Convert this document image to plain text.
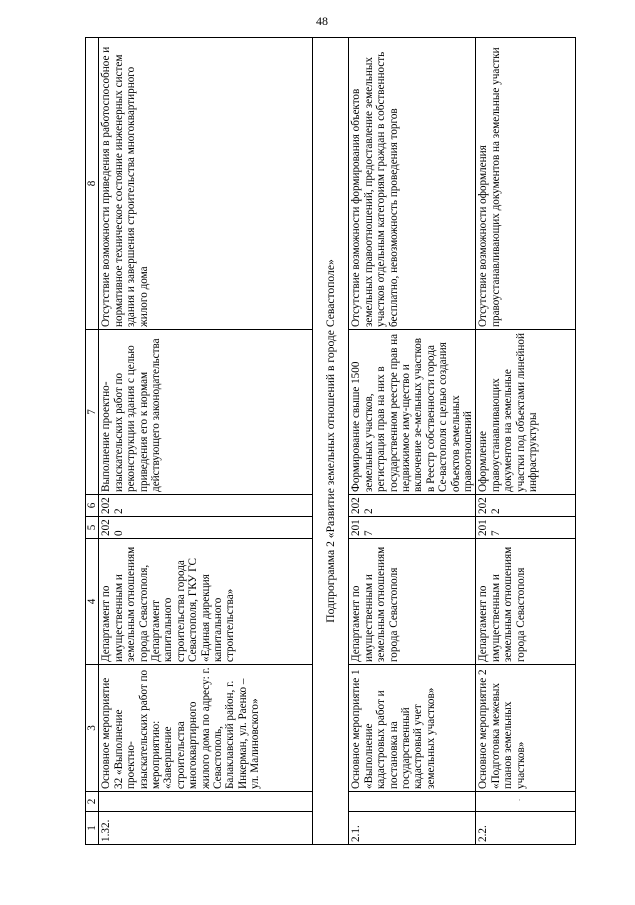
48
1	2	3	4	5	6	7	8
1.32.		Основное мероприятие 32 «Выполнение проектно-изыскательских работ по мероприятию: «Завершение строительства многоквартирного жилого дома по адресу: г. Севастополь, Балаклавский район, г. Инкерман, ул. Раенко – ул. Малиновского»	Департамент по имущественным и земельным отношениям города Севастополя, Департамент капитального строительства города Севастополя, ГКУ ГС «Единая дирекция капитального строительства»	2020	2022	Выполнение проектно-изыскательских работ по реконструкции здания с целью приведения его к нормам действующего законодательства	Отсутствие возможности приведения в работоспособное и нормативное техническое состояние инженерных систем здания и завершения строительства многоквартирного жилого дома
Подпрограмма 2 «Развитие земельных отношений в городе Севастополе»							
2.1.		Основное мероприятие 1 «Выполнение кадастровых работ и постановка на государственный кадастровый учет земельных участков»	Департамент по имущественным и земельным отношениям города Севастополя	2017	2022	Формирование свыше 1500 земельных участков, регистрация прав на них в государственном реестре прав на недвижимое иму-щество и включение зе-мельных участков в Реестр собственности города Се-вастополя с целью создания объектов земельных правоотношений	Отсутствие возможности формирования объектов земельных правоотношений, предоставление земельных участков отдельным категориям граждан в собственность бесплатно, невозможность проведения торгов
2.2.		Основное мероприятие 2 «Подготовка межевых планов земельных участков»	Департамент по имущественным и земельным отношениям города Севастополя	2017	2022	Оформление правоустанавливающих документов на земельные участки под объектами линейной инфраструктуры	Отсутствие возможности оформления правоустанавливающих документов на земельные участки
·
